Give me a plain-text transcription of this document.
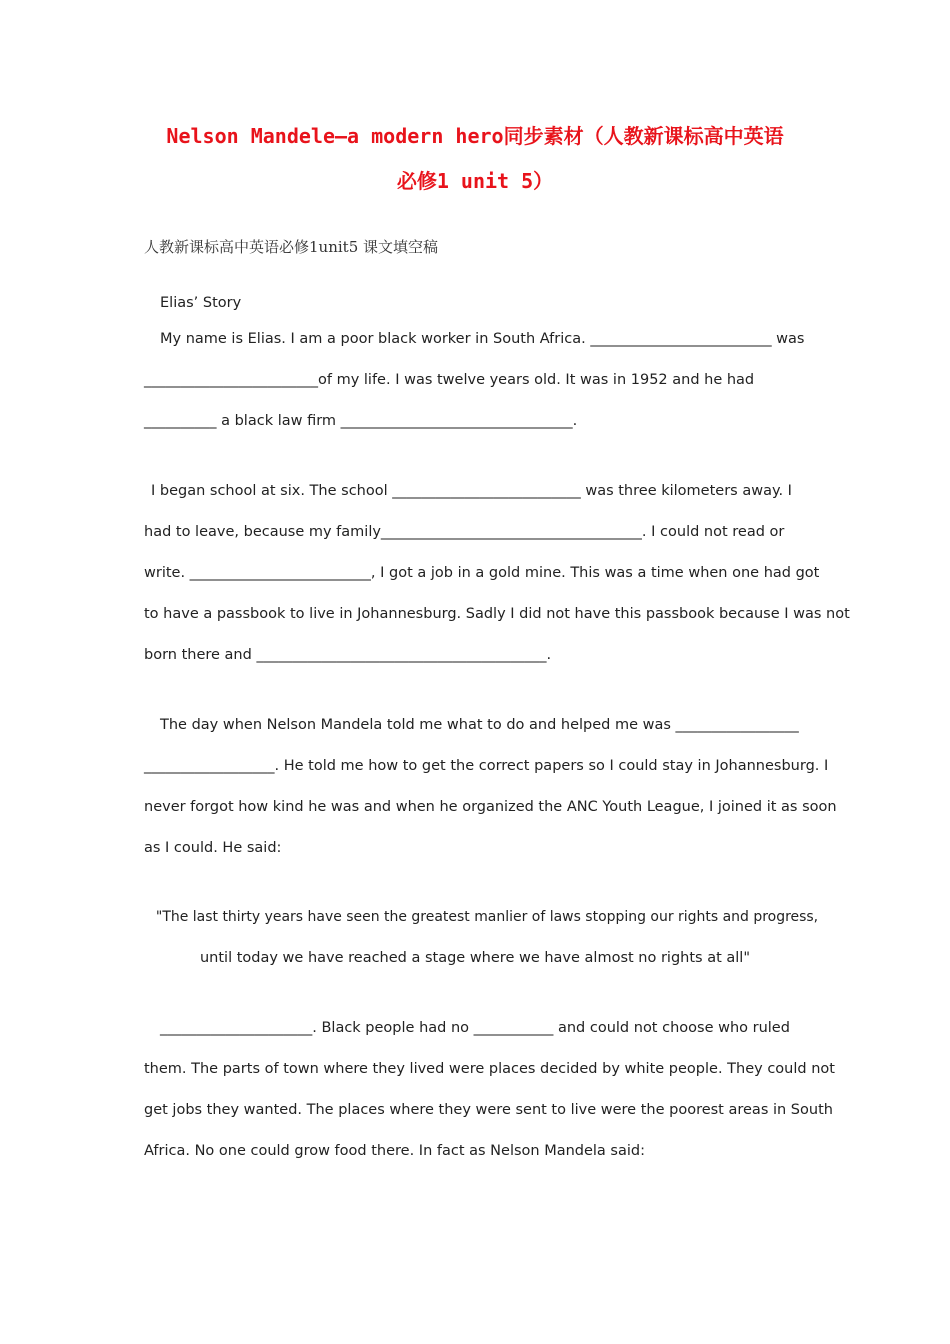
Nelson Mandele—a modern hero同步素材（人教新课标高中英语
必修1 unit 5）
人教新课标高中英语必修1unit5 课文填空稿
Elias’ Story
My name is Elias. I am a poor black worker in South Africa. _________________________ was
________________________of my life. I was twelve years old. It was in 1952 and he had
__________ a black law firm ________________________________.
I began school at six. The school __________________________ was three kilometers away. I
had to leave, because my family____________________________________. I could not read or
write. _________________________, I got a job in a gold mine. This was a time when one had got
to have a passbook to live in Johannesburg. Sadly I did not have this passbook because I was not
born there and ________________________________________.
The day when Nelson Mandela told me what to do and helped me was _________________
__________________. He told me how to get the correct papers so I could stay in Johannesburg. I
never forgot how kind he was and when he organized the ANC Youth League, I joined it as soon
as I could. He said:
"The last thirty years have seen the greatest manlier of laws stopping our rights and progress,
until today we have reached a stage where we have almost no rights at all"
_____________________. Black people had no ___________ and could not choose who ruled
them. The parts of town where they lived were places decided by white people. They could not
get jobs they wanted. The places where they were sent to live were the poorest areas in South
Africa. No one could grow food there. In fact as Nelson Mandela said:
